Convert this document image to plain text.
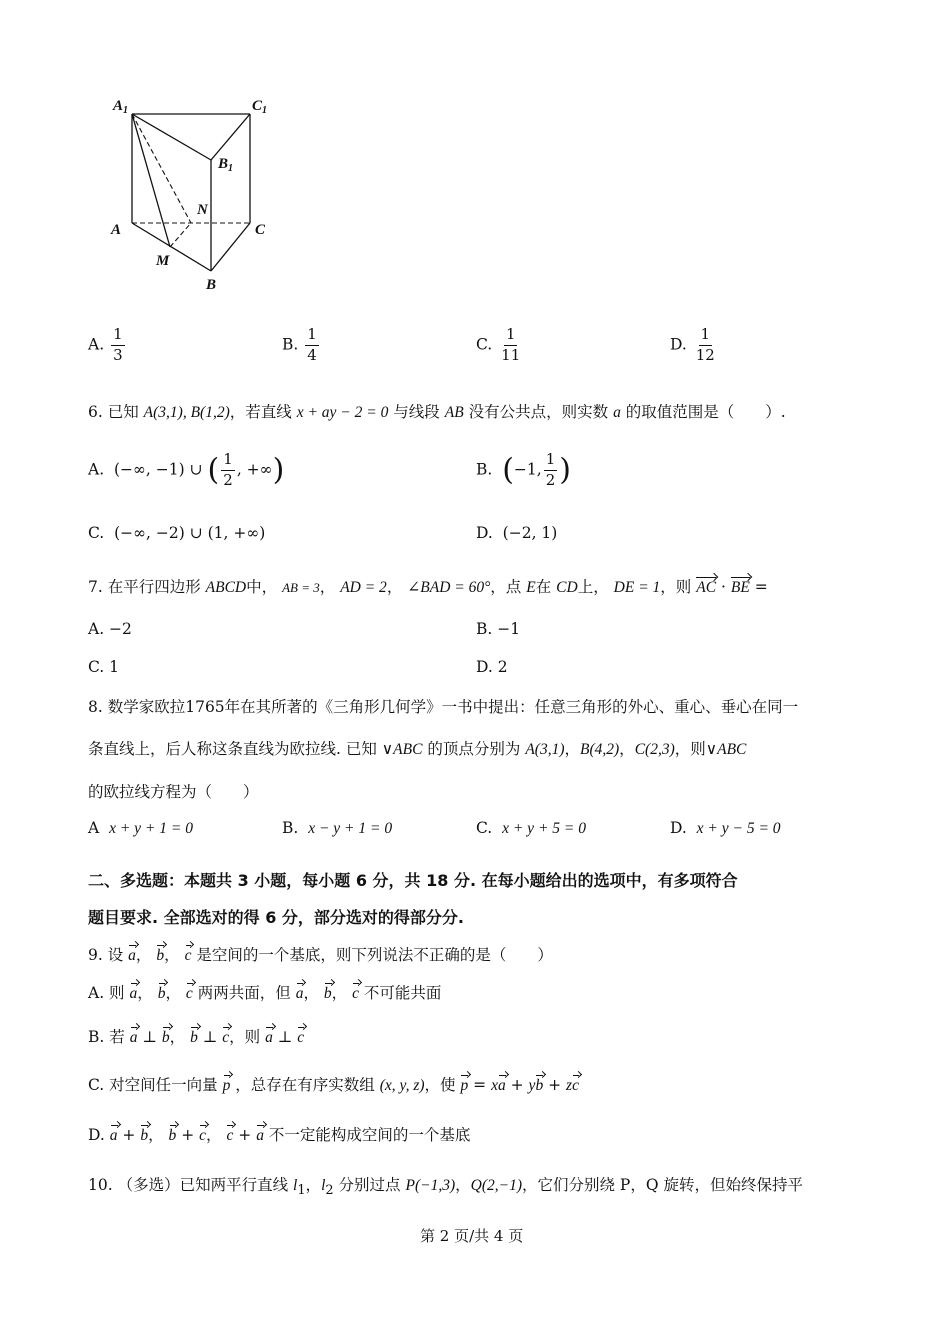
$A_1$	$C_1$
$B_1$
N
A	C
M
B
A. $\frac{1}{3}$	B. $\frac{1}{4}$	C. $\frac{1}{11}$	D. $\frac{1}{12}$
6. 已知 A(3,1), B(1,2)，若直线 x + ay − 2 = 0 与线段 AB 没有公共点，则实数 a 的取值范围是（　　）.
A. (−∞, −1) ∪ ( $\frac{1}{2}$ , +∞)	B. (−1, $\frac{1}{2}$ )
C. (−∞, −2) ∪ (1, +∞)	D. (−2, 1)
7. 在平行四边形 ABCD中， AB = 3， AD = 2， ∠BAD = 60°，点 E在 CD上， DE = 1，则 AC · BE =
A. −2	B. −1
C. 1	D. 2
8. 数学家欧拉1765年在其所著的《三角形几何学》一书中提出：任意三角形的外心、重心、垂心在同一
条直线上，后人称这条直线为欧拉线. 已知 ∨ABC 的顶点分别为 A(3,1)，B(4,2)，C(2,3)，则∨ABC
的欧拉线方程为（　　）
A x + y + 1 = 0	B. x − y + 1 = 0	C. x + y + 5 = 0	D. x + y − 5 = 0
二、多选题：本题共 3 小题，每小题 6 分，共 18 分. 在每小题给出的选项中，有多项符合
题目要求. 全部选对的得 6 分，部分选对的得部分分.
9. 设 a， b， c 是空间的一个基底，则下列说法不正确的是（　　）
A. 则 a， b， c 两两共面，但 a， b， c 不可能共面
B. 若 a ⊥ b， b ⊥ c，则 a ⊥ c
C. 对空间任一向量 p ，总存在有序实数组 (x, y, z)，使 p = xa + yb + zc
D. a + b， b + c， c + a 不一定能构成空间的一个基底
10. （多选）已知两平行直线 $l_1$，$l_2$ 分别过点 P(−1,3)，Q(2,−1)，它们分别绕 P，Q 旋转，但始终保持平
第 2 页/共 4 页
